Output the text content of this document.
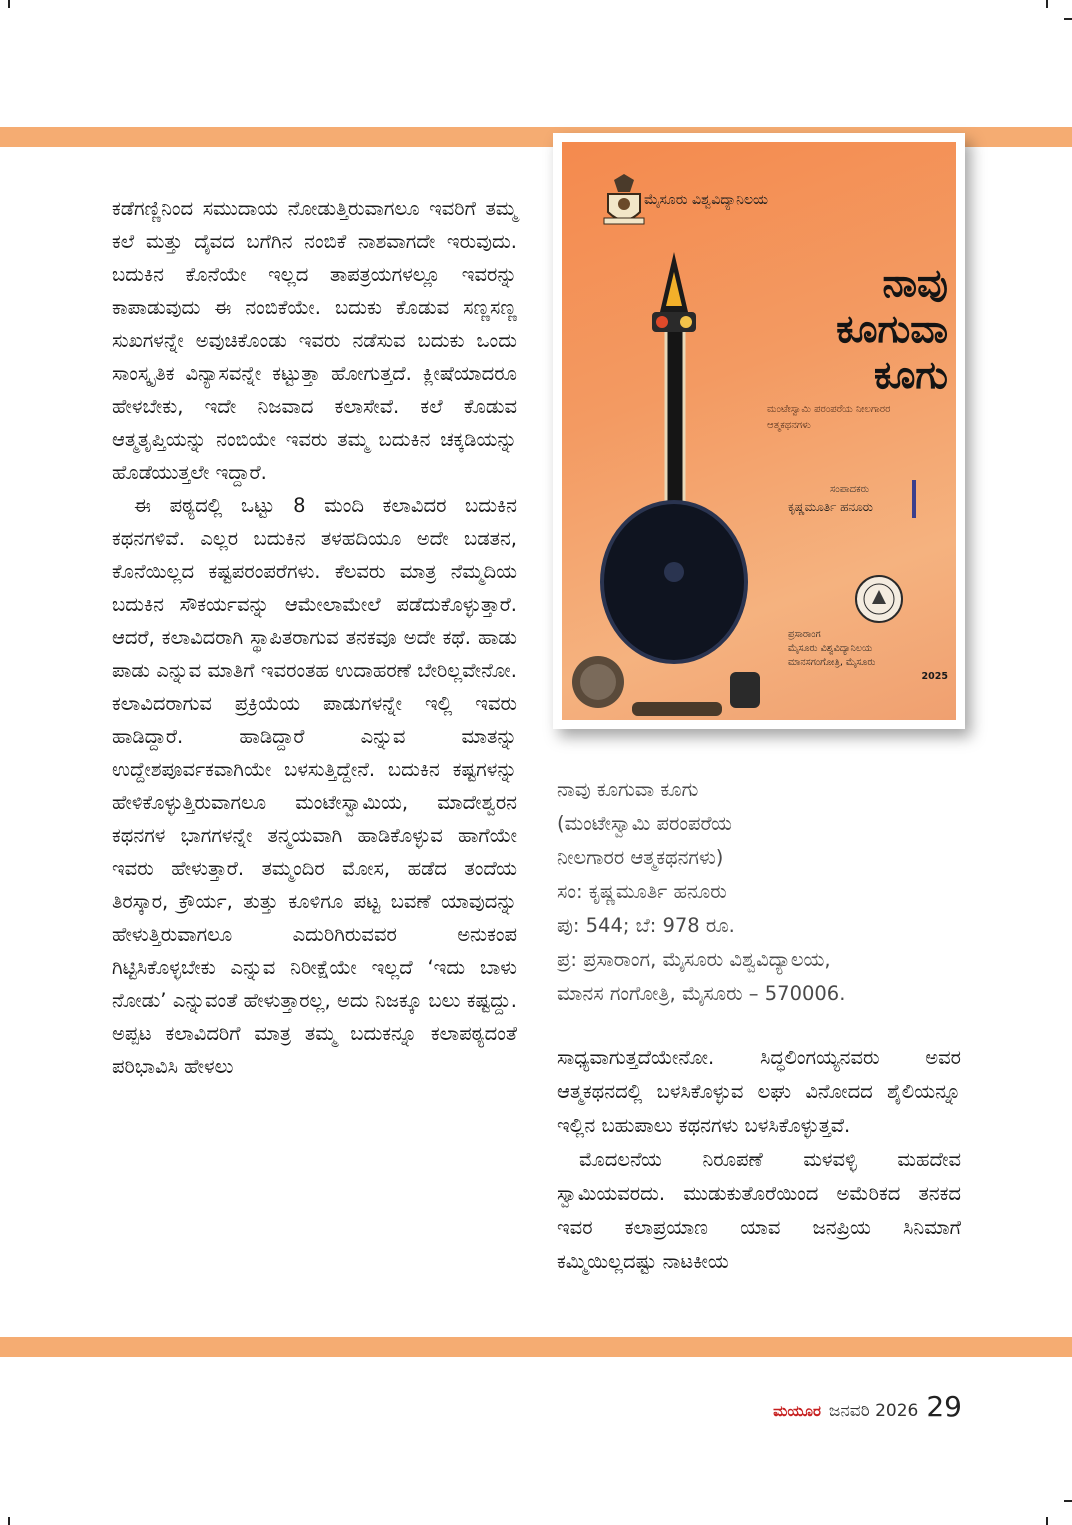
ಕಡೆಗಣ್ಣಿನಿಂದ ಸಮುದಾಯ ನೋಡುತ್ತಿರುವಾಗಲೂ ಇವರಿಗೆ ತಮ್ಮ ಕಲೆ ಮತ್ತು ದೈವದ ಬಗೆಗಿನ ನಂಬಿಕೆ ನಾಶವಾಗದೇ ಇರುವುದು. ಬದುಕಿನ ಕೊನೆಯೇ ಇಲ್ಲದ ತಾಪತ್ರಯಗಳಲ್ಲೂ ಇವರನ್ನು ಕಾಪಾಡುವುದು ಈ ನಂಬಿಕೆಯೇ. ಬದುಕು ಕೊಡುವ ಸಣ್ಣಸಣ್ಣ ಸುಖಗಳನ್ನೇ ಅವುಚಿಕೊಂಡು ಇವರು ನಡೆಸುವ ಬದುಕು ಒಂದು ಸಾಂಸ್ಕೃತಿಕ ವಿನ್ಯಾಸವನ್ನೇ ಕಟ್ಟುತ್ತಾ ಹೋಗುತ್ತದೆ. ಕ್ಲೀಷೆಯಾದರೂ ಹೇಳಬೇಕು, ಇದೇ ನಿಜವಾದ ಕಲಾಸೇವೆ. ಕಲೆ ಕೊಡುವ ಆತ್ಮತೃಪ್ತಿಯನ್ನು ನಂಬಿಯೇ ಇವರು ತಮ್ಮ ಬದುಕಿನ ಚಕ್ಕಡಿಯನ್ನು ಹೊಡೆಯುತ್ತಲೇ ಇದ್ದಾರೆ.

ಈ ಪಠ್ಯದಲ್ಲಿ ಒಟ್ಟು 8 ಮಂದಿ ಕಲಾವಿದರ ಬದುಕಿನ ಕಥನಗಳಿವೆ. ಎಲ್ಲರ ಬದುಕಿನ ತಳಹದಿಯೂ ಅದೇ ಬಡತನ, ಕೊನೆಯಿಲ್ಲದ ಕಷ್ಟಪರಂಪರೆಗಳು. ಕೆಲವರು ಮಾತ್ರ ನೆಮ್ಮದಿಯ ಬದುಕಿನ ಸೌಕರ್ಯವನ್ನು ಆಮೇಲಾಮೇಲೆ ಪಡೆದುಕೊಳ್ಳುತ್ತಾರೆ. ಆದರೆ, ಕಲಾವಿದರಾಗಿ ಸ್ಥಾಪಿತರಾಗುವ ತನಕವೂ ಅದೇ ಕಥೆ. ಹಾಡು ಪಾಡು ಎನ್ನುವ ಮಾತಿಗೆ ಇವರಂತಹ ಉದಾಹರಣೆ ಬೇರಿಲ್ಲವೇನೋ. ಕಲಾವಿದರಾಗುವ ಪ್ರಕ್ರಿಯೆಯ ಪಾಡುಗಳನ್ನೇ ಇಲ್ಲಿ ಇವರು ಹಾಡಿದ್ದಾರೆ. ಹಾಡಿದ್ದಾರೆ ಎನ್ನುವ ಮಾತನ್ನು ಉದ್ದೇಶಪೂರ್ವಕವಾಗಿಯೇ ಬಳಸುತ್ತಿದ್ದೇನೆ. ಬದುಕಿನ ಕಷ್ಟಗಳನ್ನು ಹೇಳಿಕೊಳ್ಳುತ್ತಿರುವಾಗಲೂ ಮಂಟೇಸ್ವಾಮಿಯ, ಮಾದೇಶ್ವರನ ಕಥನಗಳ ಭಾಗಗಳನ್ನೇ ತನ್ಮಯವಾಗಿ ಹಾಡಿಕೊಳ್ಳುವ ಹಾಗೆಯೇ ಇವರು ಹೇಳುತ್ತಾರೆ. ತಮ್ಮಂದಿರ ಮೋಸ, ಹಡೆದ ತಂದೆಯ ತಿರಸ್ಕಾರ, ಕ್ರೌರ್ಯ, ತುತ್ತು ಕೂಳಿಗೂ ಪಟ್ಟ ಬವಣೆ ಯಾವುದನ್ನು ಹೇಳುತ್ತಿರುವಾಗಲೂ ಎದುರಿಗಿರುವವರ ಅನುಕಂಪ ಗಿಟ್ಟಿಸಿಕೊಳ್ಳಬೇಕು ಎನ್ನುವ ನಿರೀಕ್ಷೆಯೇ ಇಲ್ಲದೆ ‘ಇದು ಬಾಳು ನೋಡು’ ಎನ್ನುವಂತೆ ಹೇಳುತ್ತಾರಲ್ಲ, ಅದು ನಿಜಕ್ಕೂ ಬಲು ಕಷ್ಟದ್ದು. ಅಪ್ಪಟ ಕಲಾವಿದರಿಗೆ ಮಾತ್ರ ತಮ್ಮ ಬದುಕನ್ನೂ ಕಲಾಪಠ್ಯದಂತೆ ಪರಿಭಾವಿಸಿ ಹೇಳಲು

ಮೈಸೂರು ವಿಶ್ವವಿದ್ಯಾನಿಲಯ
ನಾವು
ಕೂಗುವಾ
ಕೂಗು
ಮಂಟೇಸ್ವಾಮಿ ಪರಂಪರೆಯ ನೀಲಗಾರರ ಆತ್ಮಕಥನಗಳು
ಸಂಪಾದಕರು
ಕೃಷ್ಣಮೂರ್ತಿ ಹನೂರು
ಪ್ರಸಾರಾಂಗ
ಮೈಸೂರು ವಿಶ್ವವಿದ್ಯಾನಿಲಯ
ಮಾನಸಗಂಗೋತ್ರಿ, ಮೈಸೂರು
2025
ನಾವು ಕೂಗುವಾ ಕೂಗು
(ಮಂಟೇಸ್ವಾಮಿ ಪರಂಪರೆಯ
ನೀಲಗಾರರ ಆತ್ಮಕಥನಗಳು)
ಸಂ: ಕೃಷ್ಣಮೂರ್ತಿ ಹನೂರು
ಪು: 544; ಬೆ: 978 ರೂ.
ಪ್ರ: ಪ್ರಸಾರಾಂಗ, ಮೈಸೂರು ವಿಶ್ವವಿದ್ಯಾಲಯ,
ಮಾನಸ ಗಂಗೋತ್ರಿ, ಮೈಸೂರು – 570006.

ಸಾಧ್ಯವಾಗುತ್ತದೆಯೇನೋ. ಸಿದ್ಧಲಿಂಗಯ್ಯನವರು ಅವರ ಆತ್ಮಕಥನದಲ್ಲಿ ಬಳಸಿಕೊಳ್ಳುವ ಲಘು ವಿನೋದದ ಶೈಲಿಯನ್ನೂ ಇಲ್ಲಿನ ಬಹುಪಾಲು ಕಥನಗಳು ಬಳಸಿಕೊಳ್ಳುತ್ತವೆ.

ಮೊದಲನೆಯ ನಿರೂಪಣೆ ಮಳವಳ್ಳಿ ಮಹದೇವ ಸ್ವಾಮಿಯವರದು. ಮುಡುಕುತೊರೆಯಿಂದ ಅಮೆರಿಕದ ತನಕದ ಇವರ ಕಲಾಪ್ರಯಾಣ ಯಾವ ಜನಪ್ರಿಯ ಸಿನಿಮಾಗೆ ಕಮ್ಮಿಯಿಲ್ಲದಷ್ಟು ನಾಟಕೀಯ

ಮಯೂರ ಜನವರಿ 2026 29
